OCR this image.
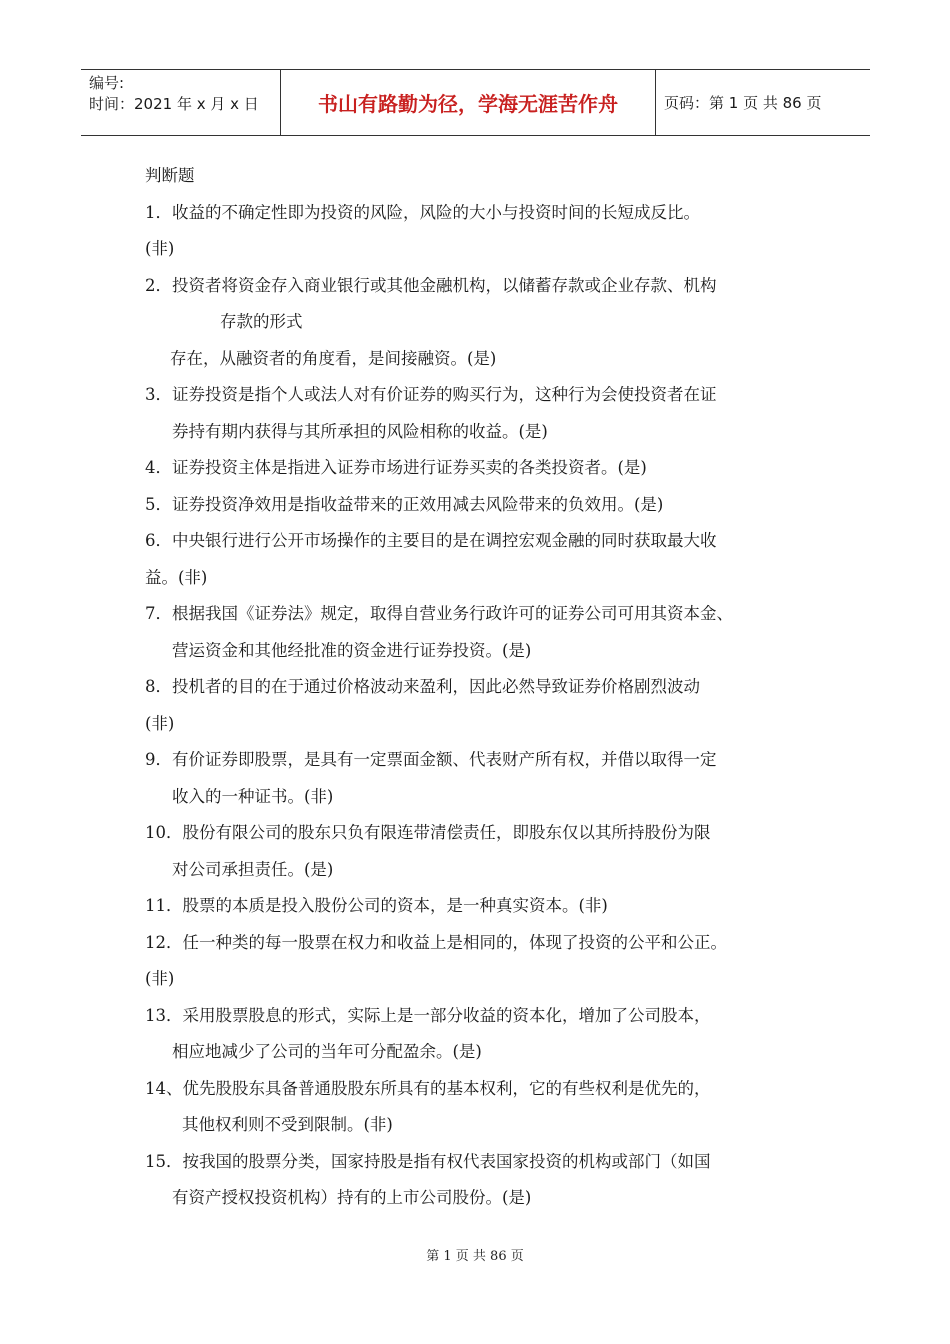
编号:
时间：2021 年 x 月 x 日	书山有路勤为径，学海无涯苦作舟	页码：第 1 页 共 86 页
判断题
1．收益的不确定性即为投资的风险，风险的大小与投资时间的长短成反比。
(非)
2．投资者将资金存入商业银行或其他金融机构，以储蓄存款或企业存款、机构
存款的形式
存在，从融资者的角度看，是间接融资。(是)
3．证券投资是指个人或法人对有价证券的购买行为，这种行为会使投资者在证
券持有期内获得与其所承担的风险相称的收益。(是)
4．证券投资主体是指进入证券市场进行证券买卖的各类投资者。(是)
5．证券投资净效用是指收益带来的正效用减去风险带来的负效用。(是)
6．中央银行进行公开市场操作的主要目的是在调控宏观金融的同时获取最大收
益。(非)
7．根据我国《证券法》规定，取得自营业务行政许可的证券公司可用其资本金、
营运资金和其他经批准的资金进行证券投资。(是)
8．投机者的目的在于通过价格波动来盈利，因此必然导致证券价格剧烈波动
(非)
9．有价证券即股票，是具有一定票面金额、代表财产所有权，并借以取得一定
收入的一种证书。(非)
10．股份有限公司的股东只负有限连带清偿责任，即股东仅以其所持股份为限
对公司承担责任。(是)
11．股票的本质是投入股份公司的资本，是一种真实资本。(非)
12．任一种类的每一股票在权力和收益上是相同的，体现了投资的公平和公正。
(非)
13．采用股票股息的形式，实际上是一部分收益的资本化，增加了公司股本，
相应地减少了公司的当年可分配盈余。(是)
14、优先股股东具备普通股股东所具有的基本权利，它的有些权利是优先的，
其他权利则不受到限制。(非)
15．按我国的股票分类，国家持股是指有权代表国家投资的机构或部门（如国
有资产授权投资机构）持有的上市公司股份。(是)
第 1 页 共 86 页
